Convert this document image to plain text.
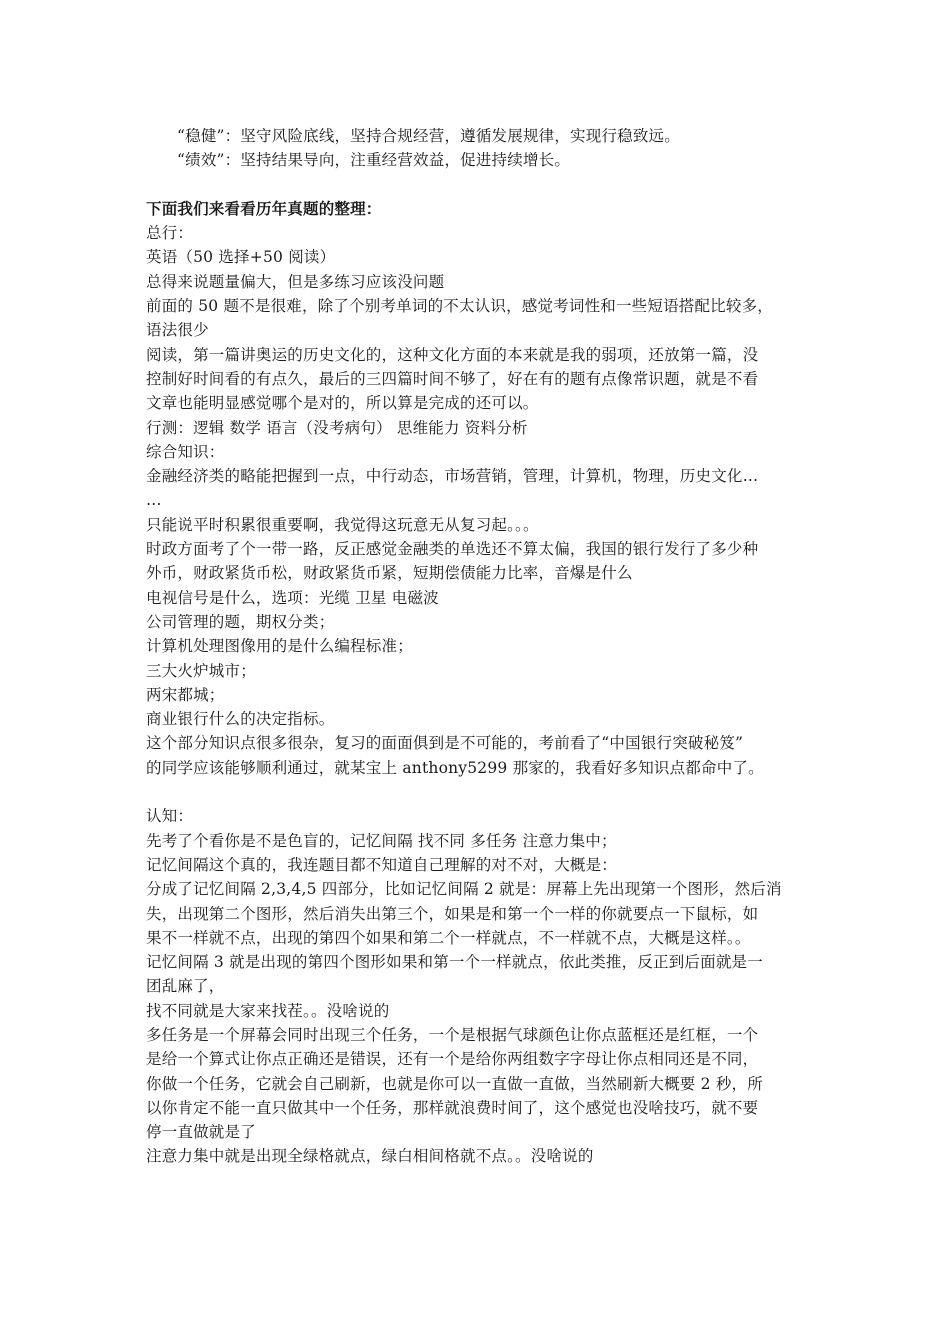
“稳健”：坚守风险底线，坚持合规经营，遵循发展规律，实现行稳致远。
“绩效”：坚持结果导向，注重经营效益，促进持续增长。
下面我们来看看历年真题的整理：
总行：
英语（50 选择+50 阅读）
总得来说题量偏大，但是多练习应该没问题
前面的 50 题不是很难，除了个别考单词的不太认识，感觉考词性和一些短语搭配比较多，
语法很少
阅读，第一篇讲奥运的历史文化的，这种文化方面的本来就是我的弱项，还放第一篇，没
控制好时间看的有点久，最后的三四篇时间不够了，好在有的题有点像常识题，就是不看
文章也能明显感觉哪个是对的，所以算是完成的还可以。
行测：逻辑 数学 语言（没考病句） 思维能力 资料分析
综合知识：
金融经济类的略能把握到一点，中行动态，市场营销，管理，计算机，物理，历史文化…
…
只能说平时积累很重要啊，我觉得这玩意无从复习起。。。
时政方面考了个一带一路，反正感觉金融类的单选还不算太偏，我国的银行发行了多少种
外币，财政紧货币松，财政紧货币紧，短期偿债能力比率，音爆是什么
电视信号是什么，选项：光缆 卫星 电磁波
公司管理的题，期权分类；
计算机处理图像用的是什么编程标准；
三大火炉城市；
两宋都城；
商业银行什么的决定指标。
这个部分知识点很多很杂，复习的面面俱到是不可能的，考前看了“中国银行突破秘笈”
的同学应该能够顺利通过，就某宝上 anthony5299 那家的，我看好多知识点都命中了。
认知：
先考了个看你是不是色盲的，记忆间隔 找不同 多任务 注意力集中；
记忆间隔这个真的，我连题目都不知道自己理解的对不对，大概是：
分成了记忆间隔 2,3,4,5 四部分，比如记忆间隔 2 就是：屏幕上先出现第一个图形，然后消
失，出现第二个图形，然后消失出第三个，如果是和第一个一样的你就要点一下鼠标，如
果不一样就不点，出现的第四个如果和第二个一样就点，不一样就不点，大概是这样。。
记忆间隔 3 就是出现的第四个图形如果和第一个一样就点，依此类推，反正到后面就是一
团乱麻了，
找不同就是大家来找茬。。没啥说的
多任务是一个屏幕会同时出现三个任务，一个是根据气球颜色让你点蓝框还是红框，一个
是给一个算式让你点正确还是错误，还有一个是给你两组数字字母让你点相同还是不同，
你做一个任务，它就会自己刷新，也就是你可以一直做一直做，当然刷新大概要 2 秒，所
以你肯定不能一直只做其中一个任务，那样就浪费时间了，这个感觉也没啥技巧，就不要
停一直做就是了
注意力集中就是出现全绿格就点，绿白相间格就不点。。没啥说的
